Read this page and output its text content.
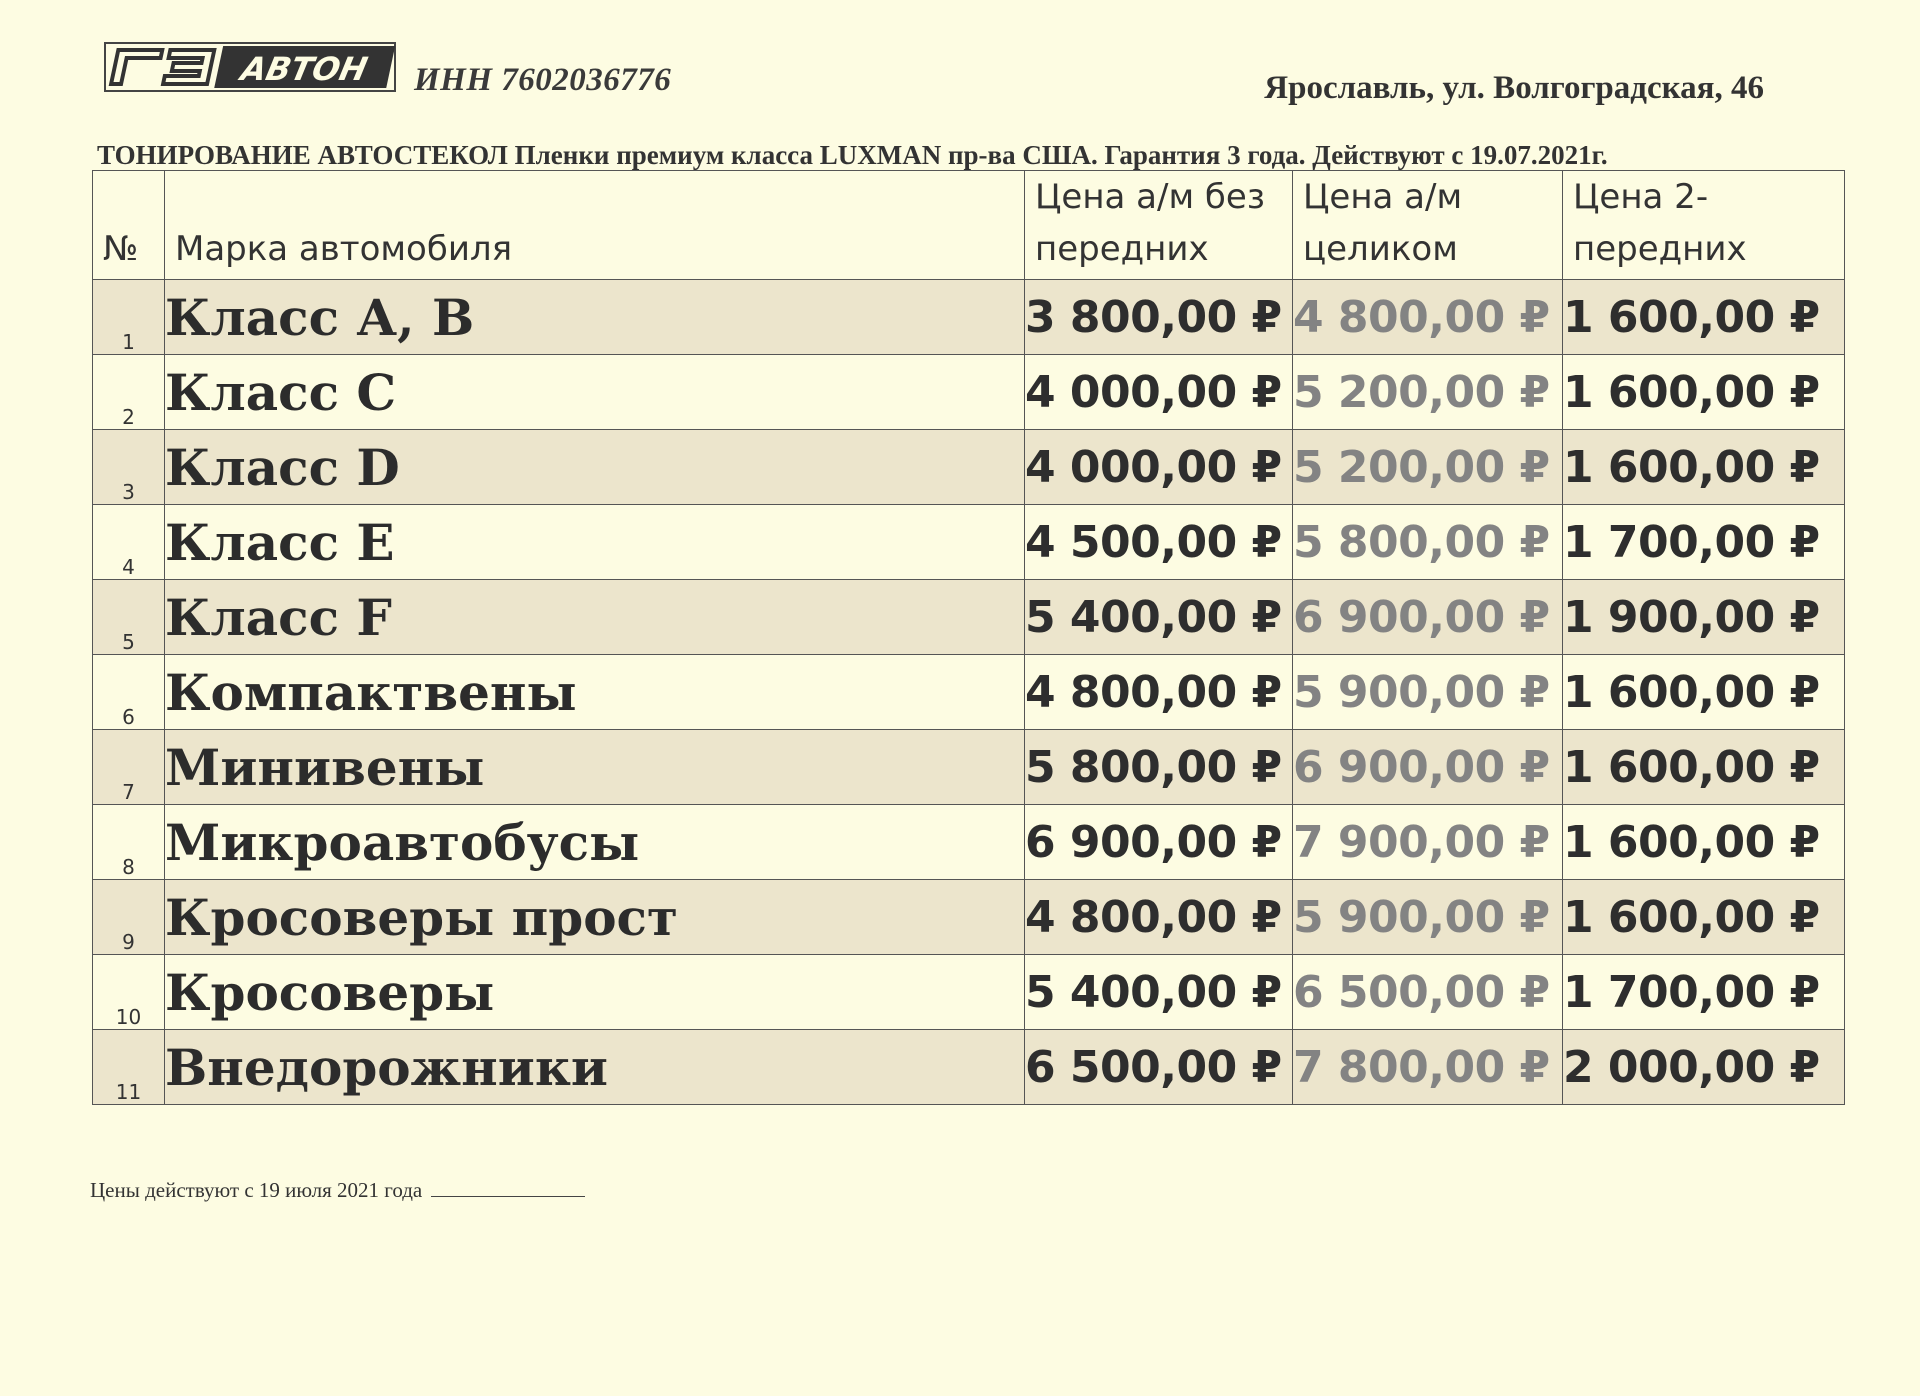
АВТОН ИНН 7602036776	Ярославль, ул. Волгоградская, 46
ТОНИРОВАНИЕ АВТОСТЕКОЛ Пленки премиум класса LUXMAN пр-ва США. Гарантия 3 года. Действуют с 19.07.2021г.
№	Марка автомобиля	Цена а/м без передних	Цена а/м целиком	Цена 2-передних
1	Класс А, В	3 800,00 ₽	4 800,00 ₽	1 600,00 ₽
2	Класс С	4 000,00 ₽	5 200,00 ₽	1 600,00 ₽
3	Класс D	4 000,00 ₽	5 200,00 ₽	1 600,00 ₽
4	Класс Е	4 500,00 ₽	5 800,00 ₽	1 700,00 ₽
5	Класс F	5 400,00 ₽	6 900,00 ₽	1 900,00 ₽
6	Компактвены	4 800,00 ₽	5 900,00 ₽	1 600,00 ₽
7	Минивены	5 800,00 ₽	6 900,00 ₽	1 600,00 ₽
8	Микроавтобусы	6 900,00 ₽	7 900,00 ₽	1 600,00 ₽
9	Кросоверы прост	4 800,00 ₽	5 900,00 ₽	1 600,00 ₽
10	Кросоверы	5 400,00 ₽	6 500,00 ₽	1 700,00 ₽
11	Внедорожники	6 500,00 ₽	7 800,00 ₽	2 000,00 ₽
Цены действуют с 19 июля 2021 года
